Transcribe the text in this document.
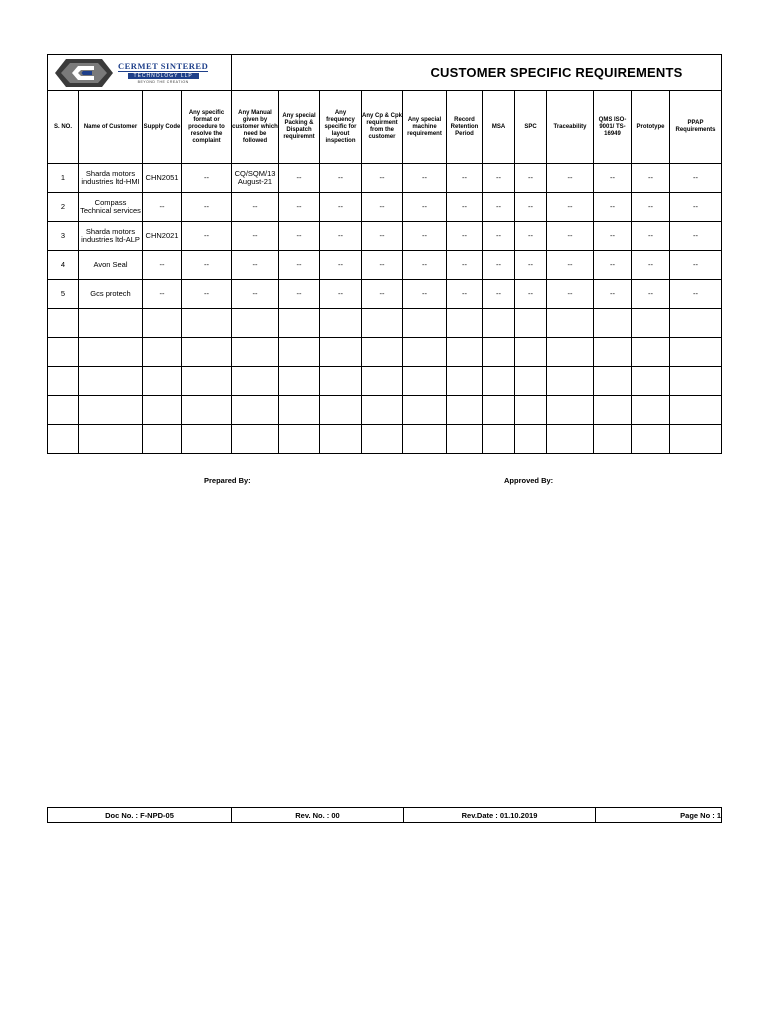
CERMET SINTERED
TECHNOLOGY LLP
BEYOND THE CREATION				CUSTOMER SPECIFIC REQUIREMENTS											
S. NO.	Name of Customer	Supply Code	Any specific format or procedure to resolve the complaint	Any Manual given by customer which need be followed	Any special Packing & Dispatch requiremnt	Any frequency specific for layout inspection	Any Cp & Cpk requirment from the customer	Any special machine requirement	Record Retention Period	MSA	SPC	Traceability	QMS ISO-9001/ TS-16949	Prototype	PPAP Requirements
1	Sharda motors industries ltd-HMI	CHN2051	--	CQ/SQM/13 August-21	--	--	--	--	--	--	--	--	--	--	--
2	Compass Technical services	--	--	--	--	--	--	--	--	--	--	--	--	--	--
3	Sharda motors industries ltd-ALP	CHN2021	--	--	--	--	--	--	--	--	--	--	--	--	--
4	Avon Seal	--	--	--	--	--	--	--	--	--	--	--	--	--	--
5	Gcs protech	--	--	--	--	--	--	--	--	--	--	--	--	--	--

Prepared By:	Approved By:
Doc No. : F-NPD-05	Rev. No. : 00	Rev.Date : 01.10.2019	Page No : 1
